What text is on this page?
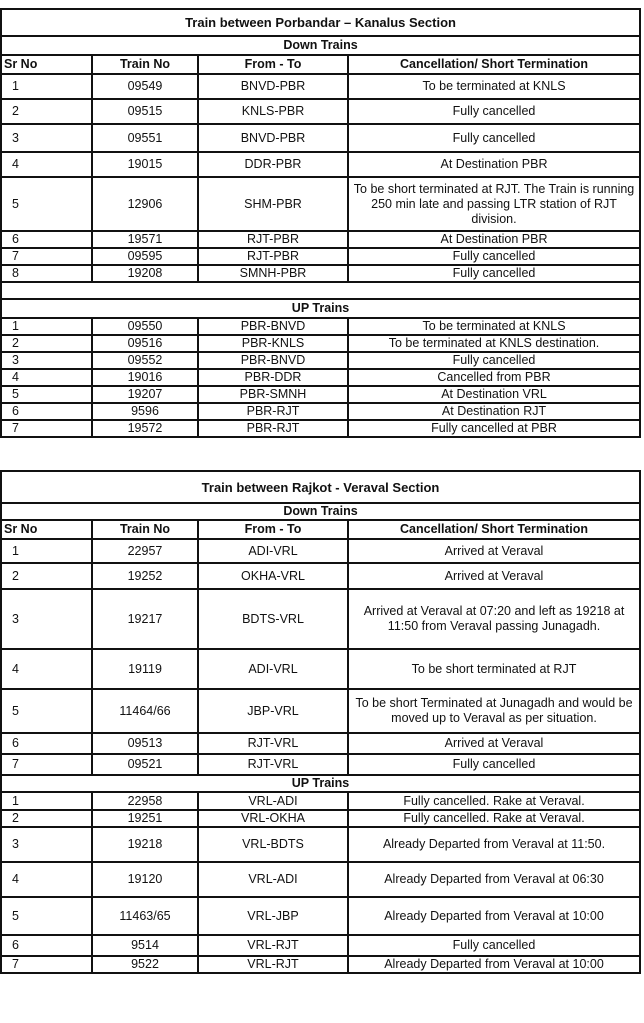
Train between Porbandar – Kanalus Section			
Down Trains			
Sr No	Train No	From - To	Cancellation/ Short Termination
1	09549	BNVD-PBR	To be terminated at KNLS
2	09515	KNLS-PBR	Fully cancelled
3	09551	BNVD-PBR	Fully cancelled
4	19015	DDR-PBR	At Destination PBR
5	12906	SHM-PBR	To be short terminated at RJT. The Train is running 250 min late and passing LTR station of RJT division.
6	19571	RJT-PBR	At Destination PBR
7	09595	RJT-PBR	Fully cancelled
8	19208	SMNH-PBR	Fully cancelled

UP Trains			
1	09550	PBR-BNVD	To be terminated at KNLS
2	09516	PBR-KNLS	To be terminated at KNLS destination.
3	09552	PBR-BNVD	Fully cancelled
4	19016	PBR-DDR	Cancelled from PBR
5	19207	PBR-SMNH	At Destination VRL
6	9596	PBR-RJT	At Destination RJT
7	19572	PBR-RJT	Fully cancelled at PBR
Train between Rajkot - Veraval Section			
Down Trains			
Sr No	Train No	From - To	Cancellation/ Short Termination
1	22957	ADI-VRL	Arrived at Veraval
2	19252	OKHA-VRL	Arrived at Veraval
3	19217	BDTS-VRL	Arrived at Veraval at 07:20 and left as 19218 at 11:50 from Veraval passing Junagadh.
4	19119	ADI-VRL	To be short terminated at RJT
5	11464/66	JBP-VRL	To be short Terminated at Junagadh and would be moved up to Veraval as per situation.
6	09513	RJT-VRL	Arrived at Veraval
7	09521	RJT-VRL	Fully cancelled
UP Trains			
1	22958	VRL-ADI	Fully cancelled. Rake at Veraval.
2	19251	VRL-OKHA	Fully cancelled. Rake at Veraval.
3	19218	VRL-BDTS	Already Departed from Veraval at 11:50.
4	19120	VRL-ADI	Already Departed from Veraval at 06:30
5	11463/65	VRL-JBP	Already Departed from Veraval at 10:00
6	9514	VRL-RJT	Fully cancelled
7	9522	VRL-RJT	Already Departed from Veraval at 10:00
